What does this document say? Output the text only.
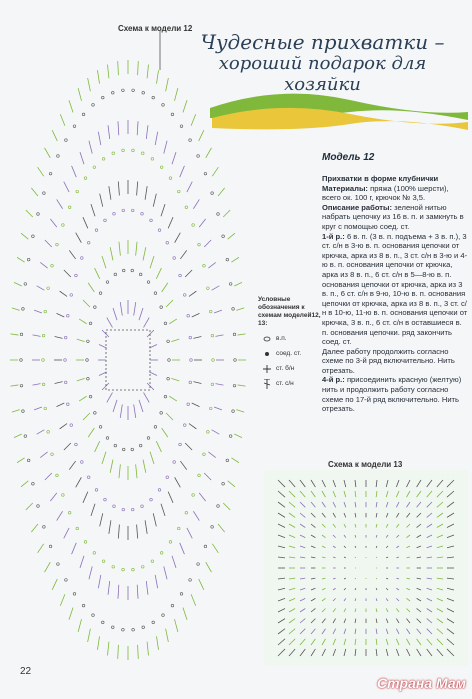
Схема к модели 12
Чудесные прихватки –
хороший подарок для хозяйки
Модель 12

Прихватки в форме клубнички

Материалы: пряжа (100% шерсти), всего ок. 100 г, крючок № 3,5.

Описание работы: зеленой нитью набрать цепочку из 16 в. п. и замкнуть в круг с помощью соед. ст.

1-й р.: 6 в. п. (3 в. п. подъема + 3 в. п.), 3 ст. с/н в 3-ю в. п. основания цепочки от крючка, арка из 8 в. п., 3 ст. с/н в 3-ю и 4-ю в. п. основания цепочки от крючка, арка из 8 в. п., 6 ст. с/н в 5—8-ю в. п. основания цепочки от крючка, арка из 3 в. п., 6 ст. с/н в 9-ю, 10-ю в. п. основания цепочки от крючка, арка из 8 в. п., 3 ст. с/н в 10-ю, 11-ю в. п. основания цепочки от крючка, 3 в. п., 6 ст. с/н в оставшиеся в. п. основания цепочки. ряд закончить соед. ст.

Далее работу продолжить согласно схеме по 3-й ряд включительно. Нить отрезать.

4-й р.: присоединить красную (желтую) нить и продолжить работу согласно схеме по 17-й ряд включительно. Нить отрезать.

Условные обозначения к схемам моделей12, 13:
в.п.
соед. ст.
ст. б/н
ст. с/н
Схема к модели 13
22
Страна Мам
